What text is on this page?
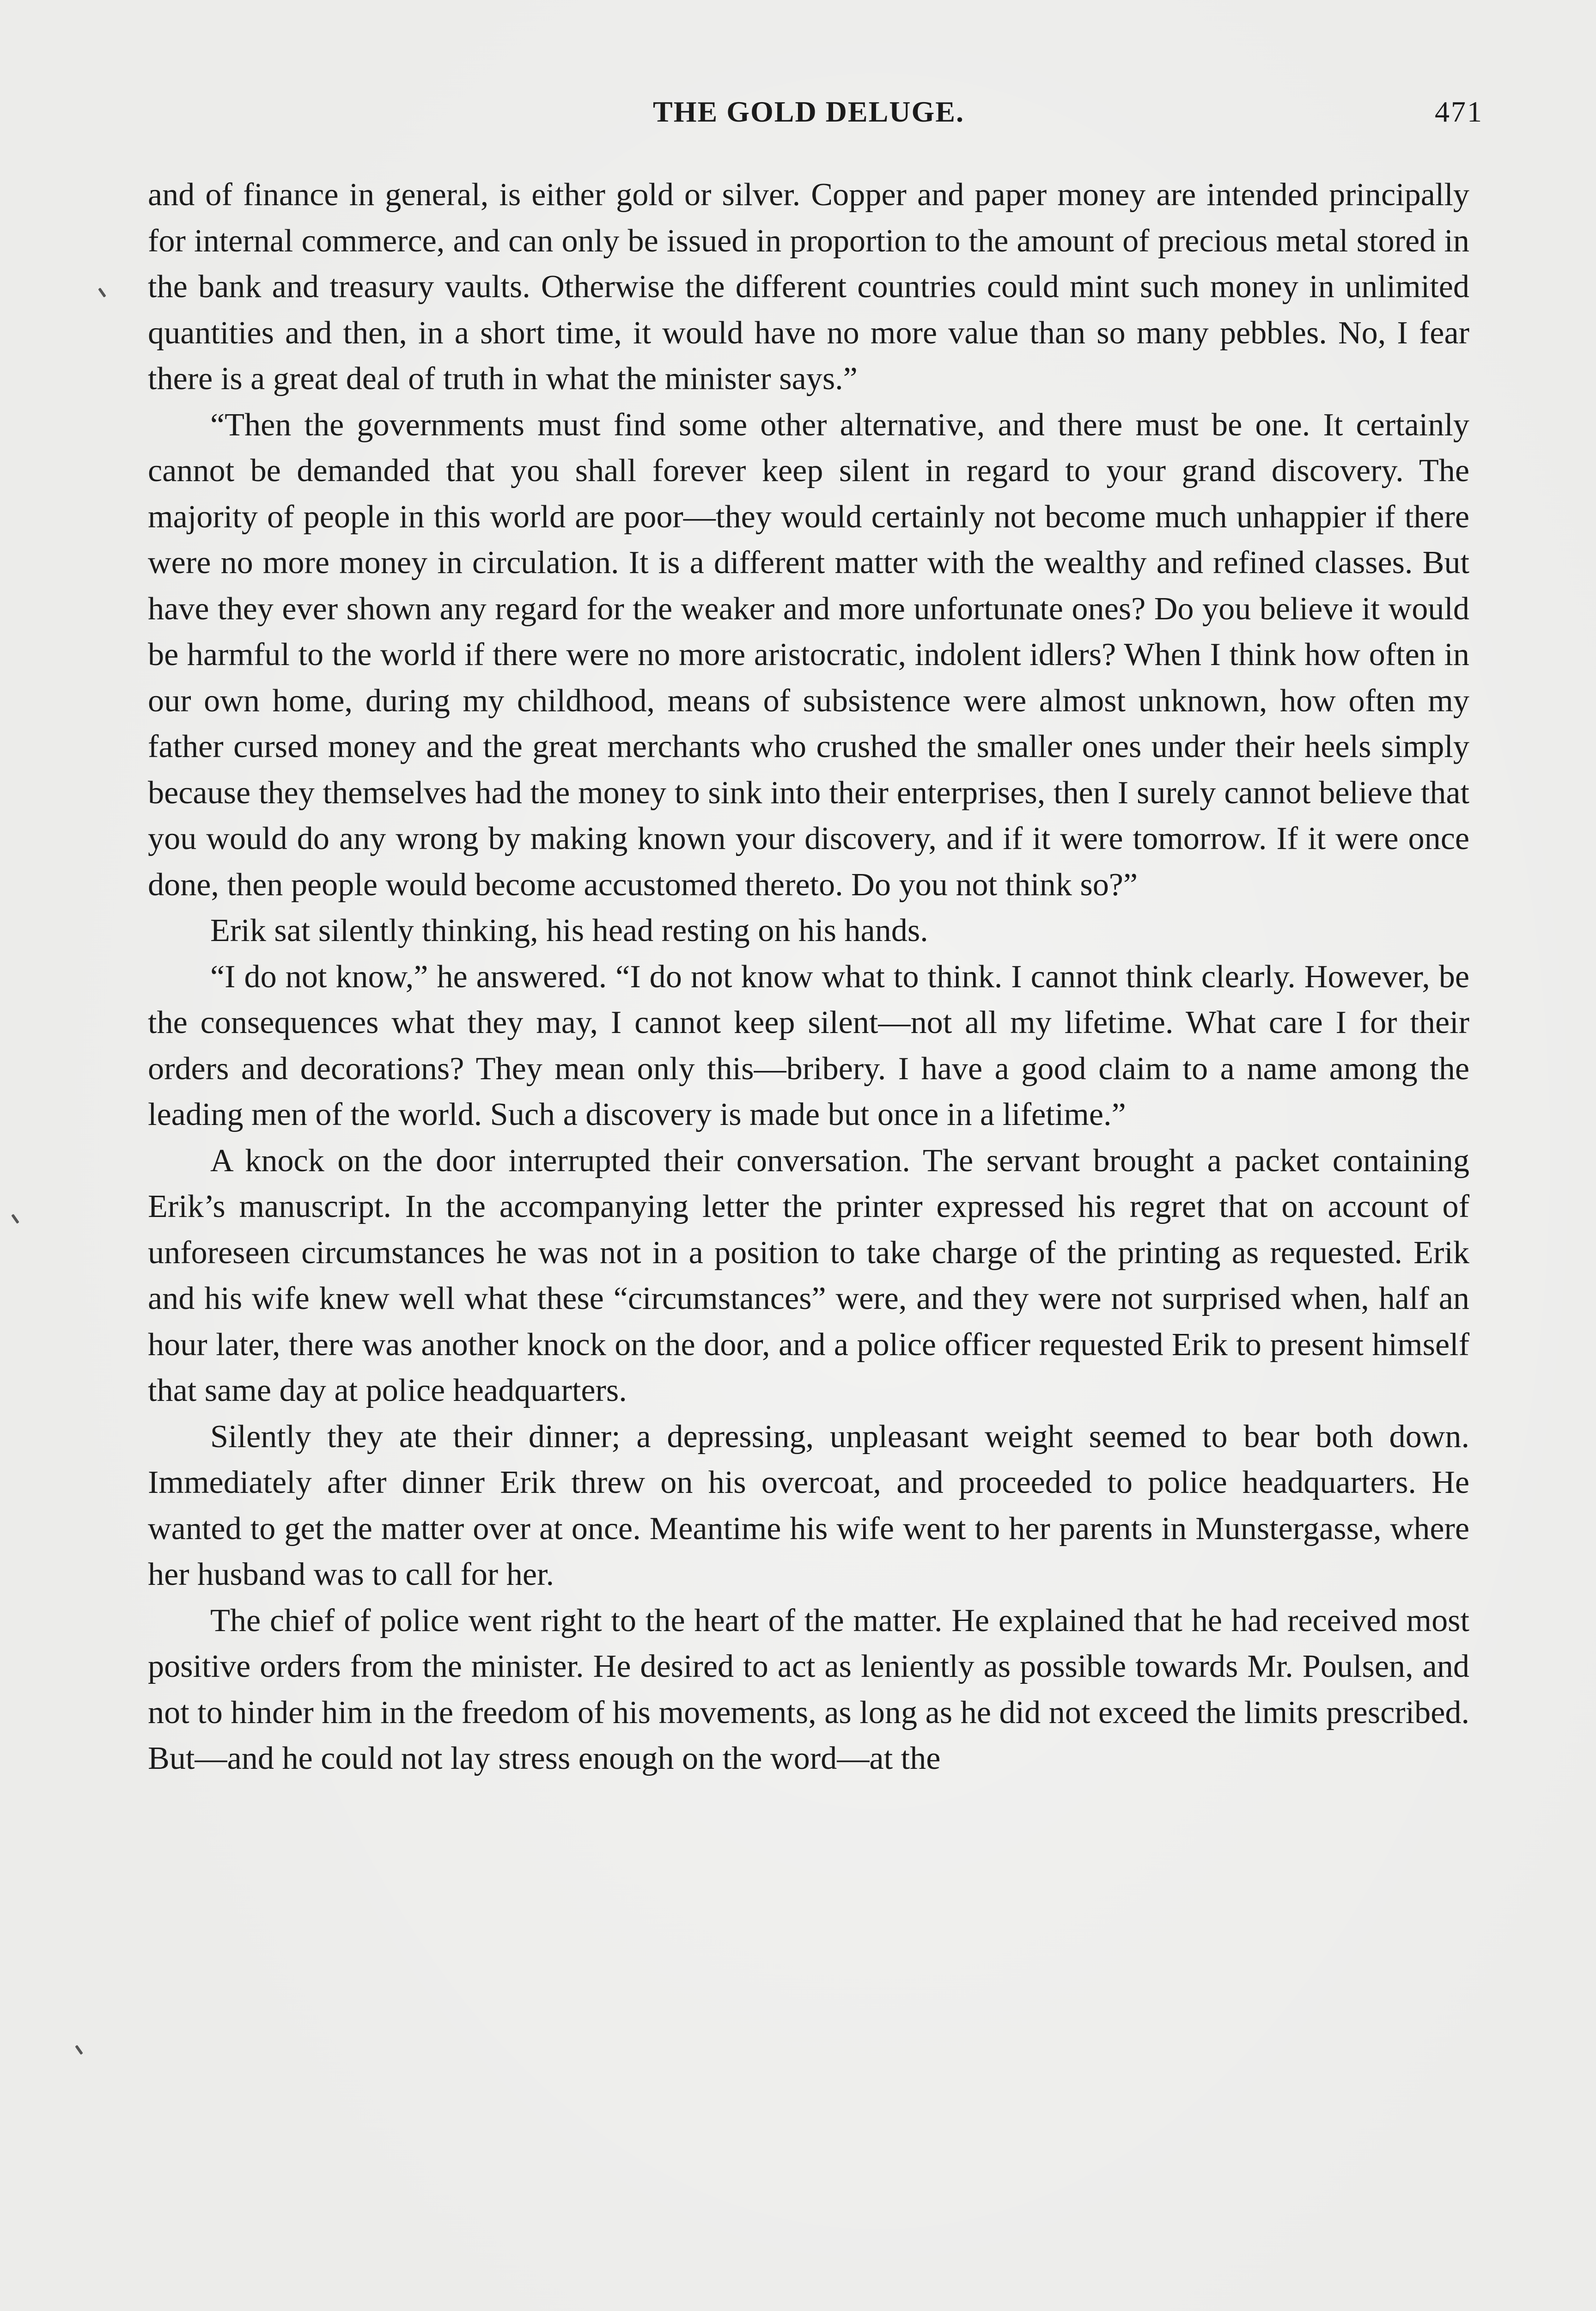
THE GOLD DELUGE.	471

and of finance in general, is either gold or silver. Copper and paper money are intended principally for internal commerce, and can only be issued in proportion to the amount of precious metal stored in the bank and treasury vaults. Otherwise the different countries could mint such money in unlimited quantities and then, in a short time, it would have no more value than so many pebbles. No, I fear there is a great deal of truth in what the minister says.”

“Then the governments must find some other alternative, and there must be one. It certainly cannot be demanded that you shall forever keep silent in regard to your grand discovery. The majority of people in this world are poor—they would certainly not become much unhappier if there were no more money in circulation. It is a different matter with the wealthy and refined classes. But have they ever shown any regard for the weaker and more unfortunate ones? Do you believe it would be harmful to the world if there were no more aristocratic, indolent idlers? When I think how often in our own home, during my childhood, means of subsistence were almost unknown, how often my father cursed money and the great merchants who crushed the smaller ones under their heels simply because they themselves had the money to sink into their enterprises, then I surely cannot believe that you would do any wrong by making known your discovery, and if it were tomorrow. If it were once done, then people would become accustomed thereto. Do you not think so?”

Erik sat silently thinking, his head resting on his hands.

“I do not know,” he answered. “I do not know what to think. I cannot think clearly. However, be the consequences what they may, I cannot keep silent—not all my lifetime. What care I for their orders and decorations? They mean only this—bribery. I have a good claim to a name among the leading men of the world. Such a discovery is made but once in a lifetime.”

A knock on the door interrupted their conversation. The servant brought a packet containing Erik’s manuscript. In the accompanying letter the printer expressed his regret that on account of unforeseen circumstances he was not in a position to take charge of the printing as requested. Erik and his wife knew well what these “circumstances” were, and they were not surprised when, half an hour later, there was another knock on the door, and a police officer requested Erik to present himself that same day at police headquarters.

Silently they ate their dinner; a depressing, unpleasant weight seemed to bear both down. Immediately after dinner Erik threw on his overcoat, and proceeded to police headquarters. He wanted to get the matter over at once. Meantime his wife went to her parents in Munstergasse, where her husband was to call for her.

The chief of police went right to the heart of the matter. He explained that he had received most positive orders from the minister. He desired to act as leniently as possible towards Mr. Poulsen, and not to hinder him in the freedom of his movements, as long as he did not exceed the limits prescribed. But—and he could not lay stress enough on the word—at the
